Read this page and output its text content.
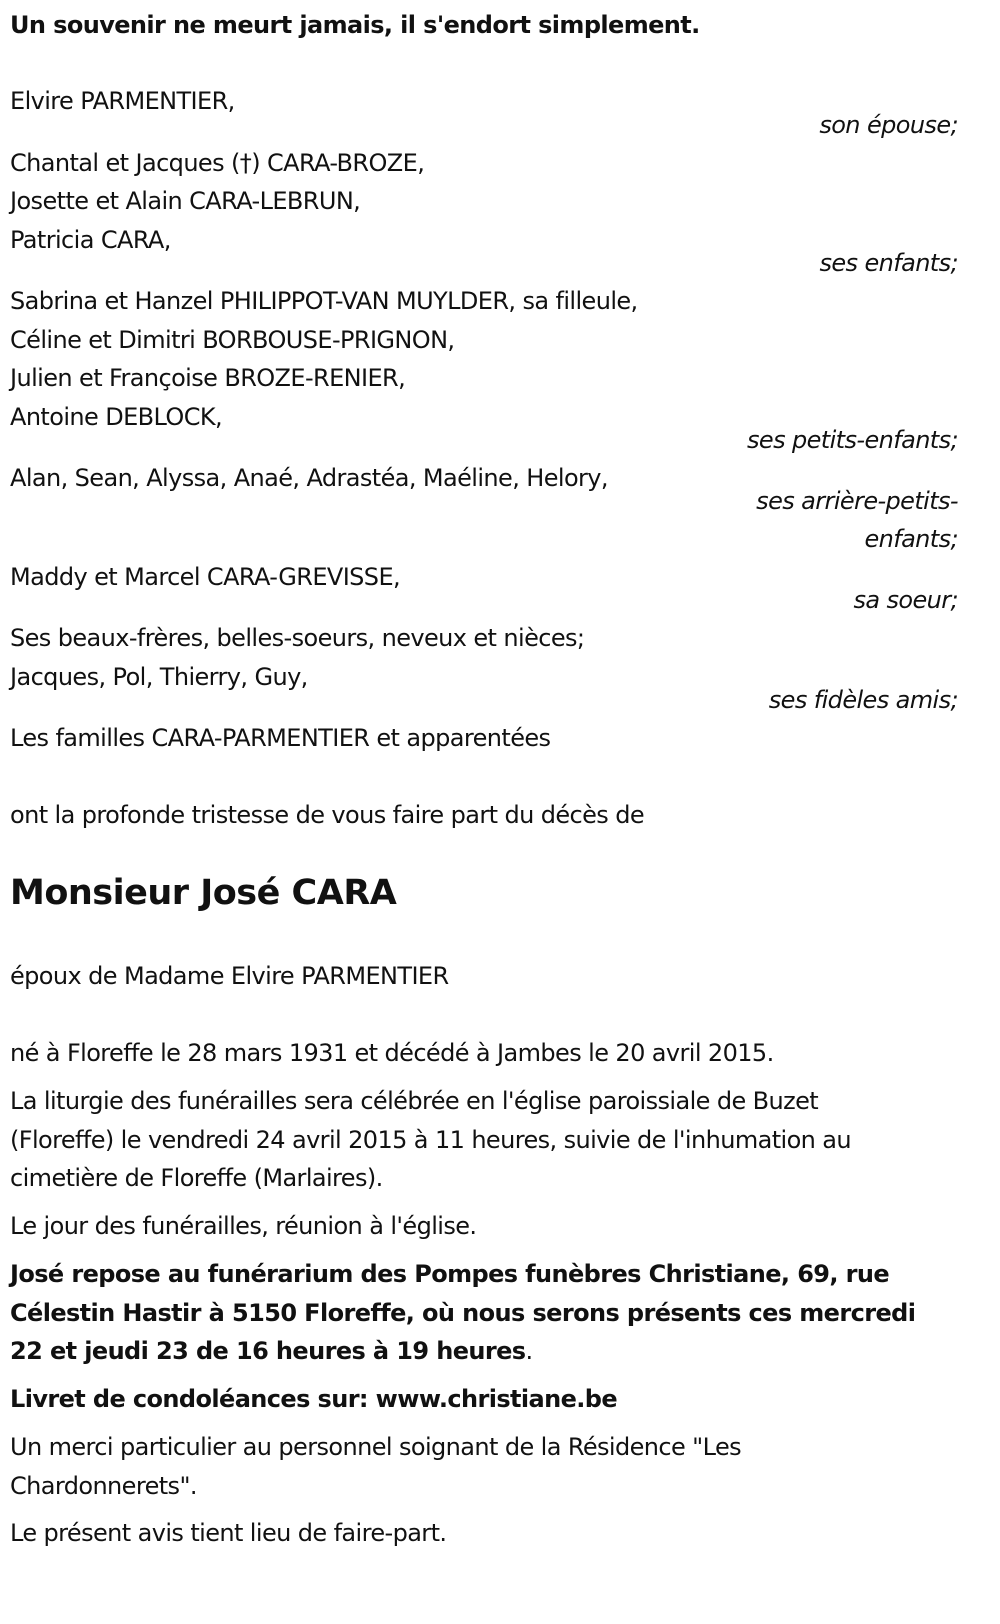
Un souvenir ne meurt jamais, il s'endort simplement.
Elvire PARMENTIER,
son épouse;
Chantal et Jacques (†) CARA-BROZE,
Josette et Alain CARA-LEBRUN,
Patricia CARA,
ses enfants;
Sabrina et Hanzel PHILIPPOT-VAN MUYLDER, sa filleule,
Céline et Dimitri BORBOUSE-PRIGNON,
Julien et Françoise BROZE-RENIER,
Antoine DEBLOCK,
ses petits-enfants;
Alan, Sean, Alyssa, Anaé, Adrastéa, Maéline, Helory,
ses arrière-petits-
enfants;
Maddy et Marcel CARA-GREVISSE,
sa soeur;
Ses beaux-frères, belles-soeurs, neveux et nièces;
Jacques, Pol, Thierry, Guy,
ses fidèles amis;
Les familles CARA-PARMENTIER et apparentées
ont la profonde tristesse de vous faire part du décès de
Monsieur José CARA
époux de Madame Elvire PARMENTIER
né à Floreffe le 28 mars 1931 et décédé à Jambes le 20 avril 2015.
La liturgie des funérailles sera célébrée en l'église paroissiale de Buzet
(Floreffe) le vendredi 24 avril 2015 à 11 heures, suivie de l'inhumation au
cimetière de Floreffe (Marlaires).
Le jour des funérailles, réunion à l'église.
José repose au funérarium des Pompes funèbres Christiane, 69, rue
Célestin Hastir à 5150 Floreffe, où nous serons présents ces mercredi
22 et jeudi 23 de 16 heures à 19 heures.
Livret de condoléances sur: www.christiane.be
Un merci particulier au personnel soignant de la Résidence "Les
Chardonnerets".
Le présent avis tient lieu de faire-part.
